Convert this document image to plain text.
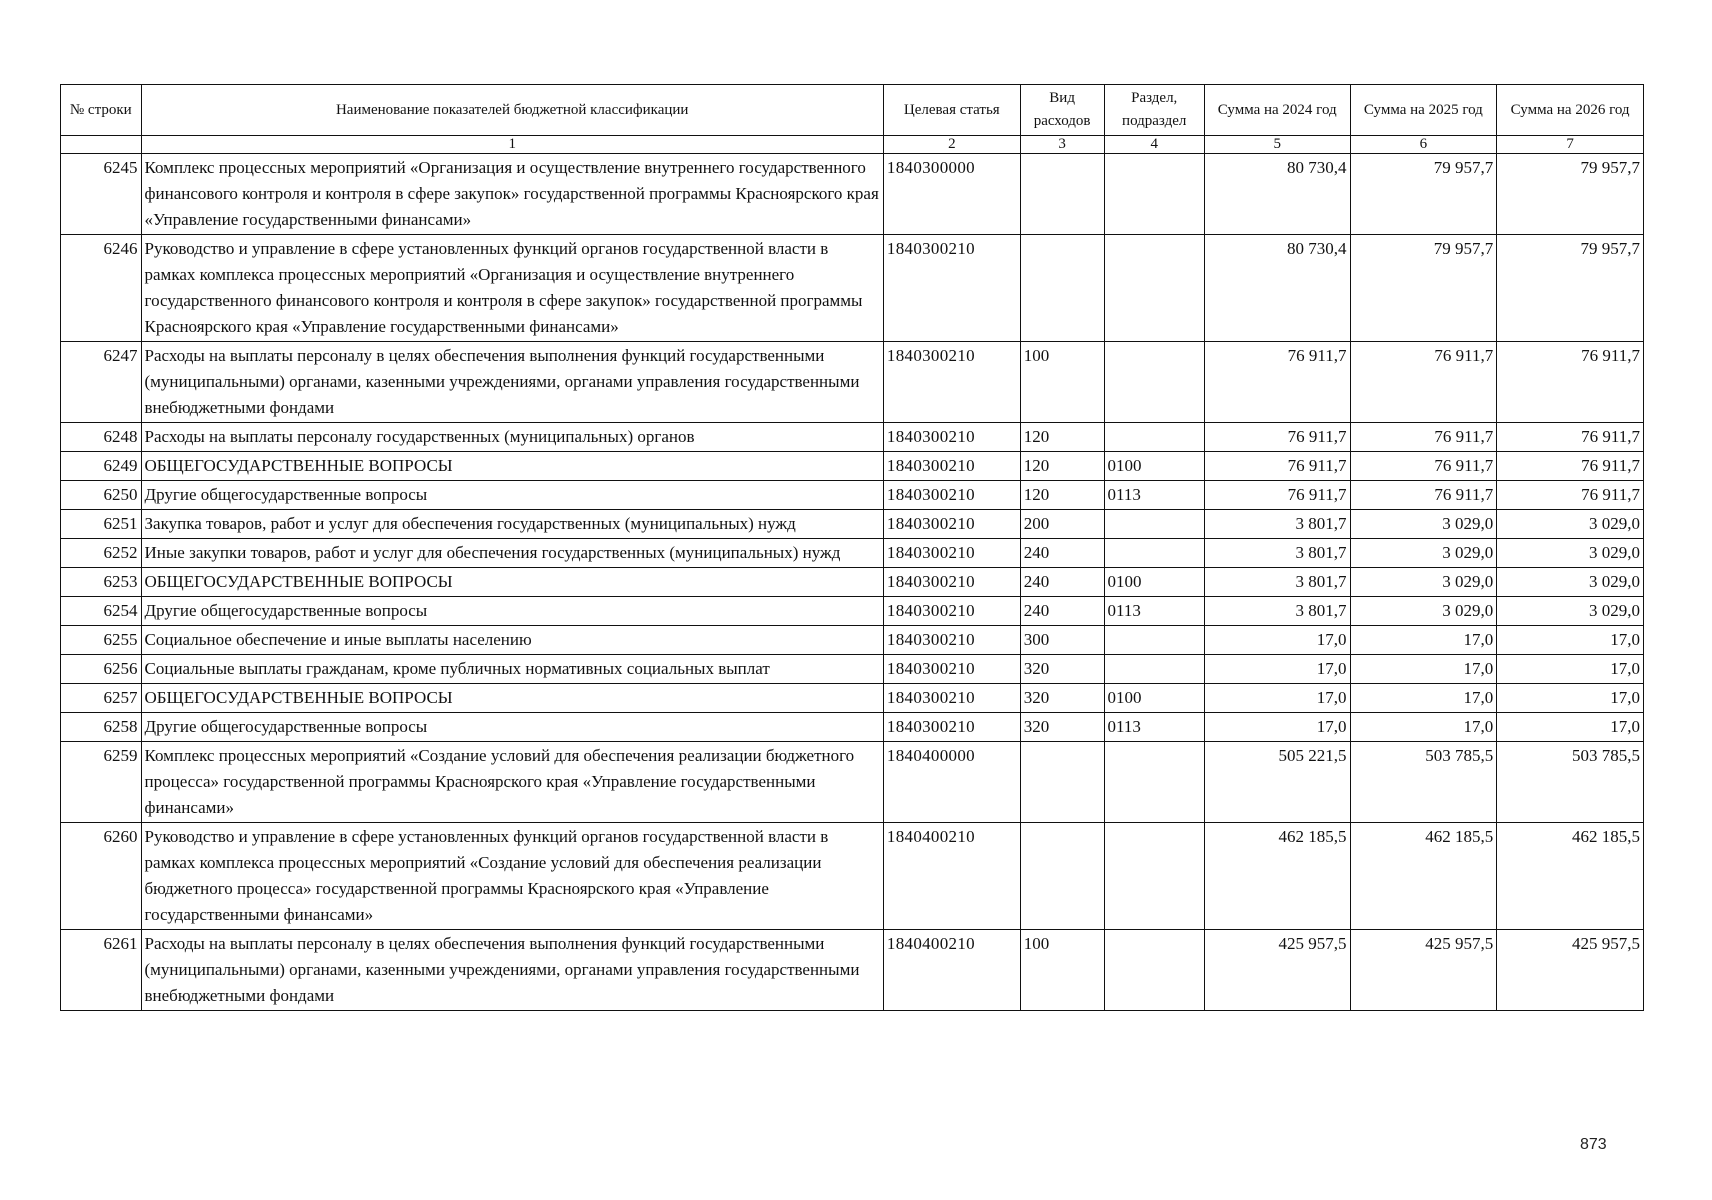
№ строки	Наименование показателей бюджетной классификации	Целевая статья	Вид расходов	Раздел, подраздел	Сумма на 2024 год	Сумма на 2025 год	Сумма на 2026 год
	1	2	3	4	5	6	7
6245	Комплекс процессных мероприятий «Организация и осуществление внутреннего государственного финансового контроля и контроля в сфере закупок» государственной программы Красноярского края «Управление государственными финансами»	1840300000			80 730,4	79 957,7	79 957,7
6246	Руководство и управление в сфере установленных функций органов государственной власти в рамках комплекса процессных мероприятий «Организация и осуществление внутреннего государственного финансового контроля и контроля в сфере закупок» государственной программы Красноярского края «Управление государственными финансами»	1840300210			80 730,4	79 957,7	79 957,7
6247	Расходы на выплаты персоналу в целях обеспечения выполнения функций государственными (муниципальными) органами, казенными учреждениями, органами управления государственными внебюджетными фондами	1840300210	100		76 911,7	76 911,7	76 911,7
6248	Расходы на выплаты персоналу государственных (муниципальных) органов	1840300210	120		76 911,7	76 911,7	76 911,7
6249	ОБЩЕГОСУДАРСТВЕННЫЕ ВОПРОСЫ	1840300210	120	0100	76 911,7	76 911,7	76 911,7
6250	Другие общегосударственные вопросы	1840300210	120	0113	76 911,7	76 911,7	76 911,7
6251	Закупка товаров, работ и услуг для обеспечения государственных (муниципальных) нужд	1840300210	200		3 801,7	3 029,0	3 029,0
6252	Иные закупки товаров, работ и услуг для обеспечения государственных (муниципальных) нужд	1840300210	240		3 801,7	3 029,0	3 029,0
6253	ОБЩЕГОСУДАРСТВЕННЫЕ ВОПРОСЫ	1840300210	240	0100	3 801,7	3 029,0	3 029,0
6254	Другие общегосударственные вопросы	1840300210	240	0113	3 801,7	3 029,0	3 029,0
6255	Социальное обеспечение и иные выплаты населению	1840300210	300		17,0	17,0	17,0
6256	Социальные выплаты гражданам, кроме публичных нормативных социальных выплат	1840300210	320		17,0	17,0	17,0
6257	ОБЩЕГОСУДАРСТВЕННЫЕ ВОПРОСЫ	1840300210	320	0100	17,0	17,0	17,0
6258	Другие общегосударственные вопросы	1840300210	320	0113	17,0	17,0	17,0
6259	Комплекс процессных мероприятий «Создание условий для обеспечения реализации бюджетного процесса» государственной программы Красноярского края «Управление государственными финансами»	1840400000			505 221,5	503 785,5	503 785,5
6260	Руководство и управление в сфере установленных функций органов государственной власти в рамках комплекса процессных мероприятий «Создание условий для обеспечения реализации бюджетного процесса» государственной программы Красноярского края «Управление государственными финансами»	1840400210			462 185,5	462 185,5	462 185,5
6261	Расходы на выплаты персоналу в целях обеспечения выполнения функций государственными (муниципальными) органами, казенными учреждениями, органами управления государственными внебюджетными фондами	1840400210	100		425 957,5	425 957,5	425 957,5
873
